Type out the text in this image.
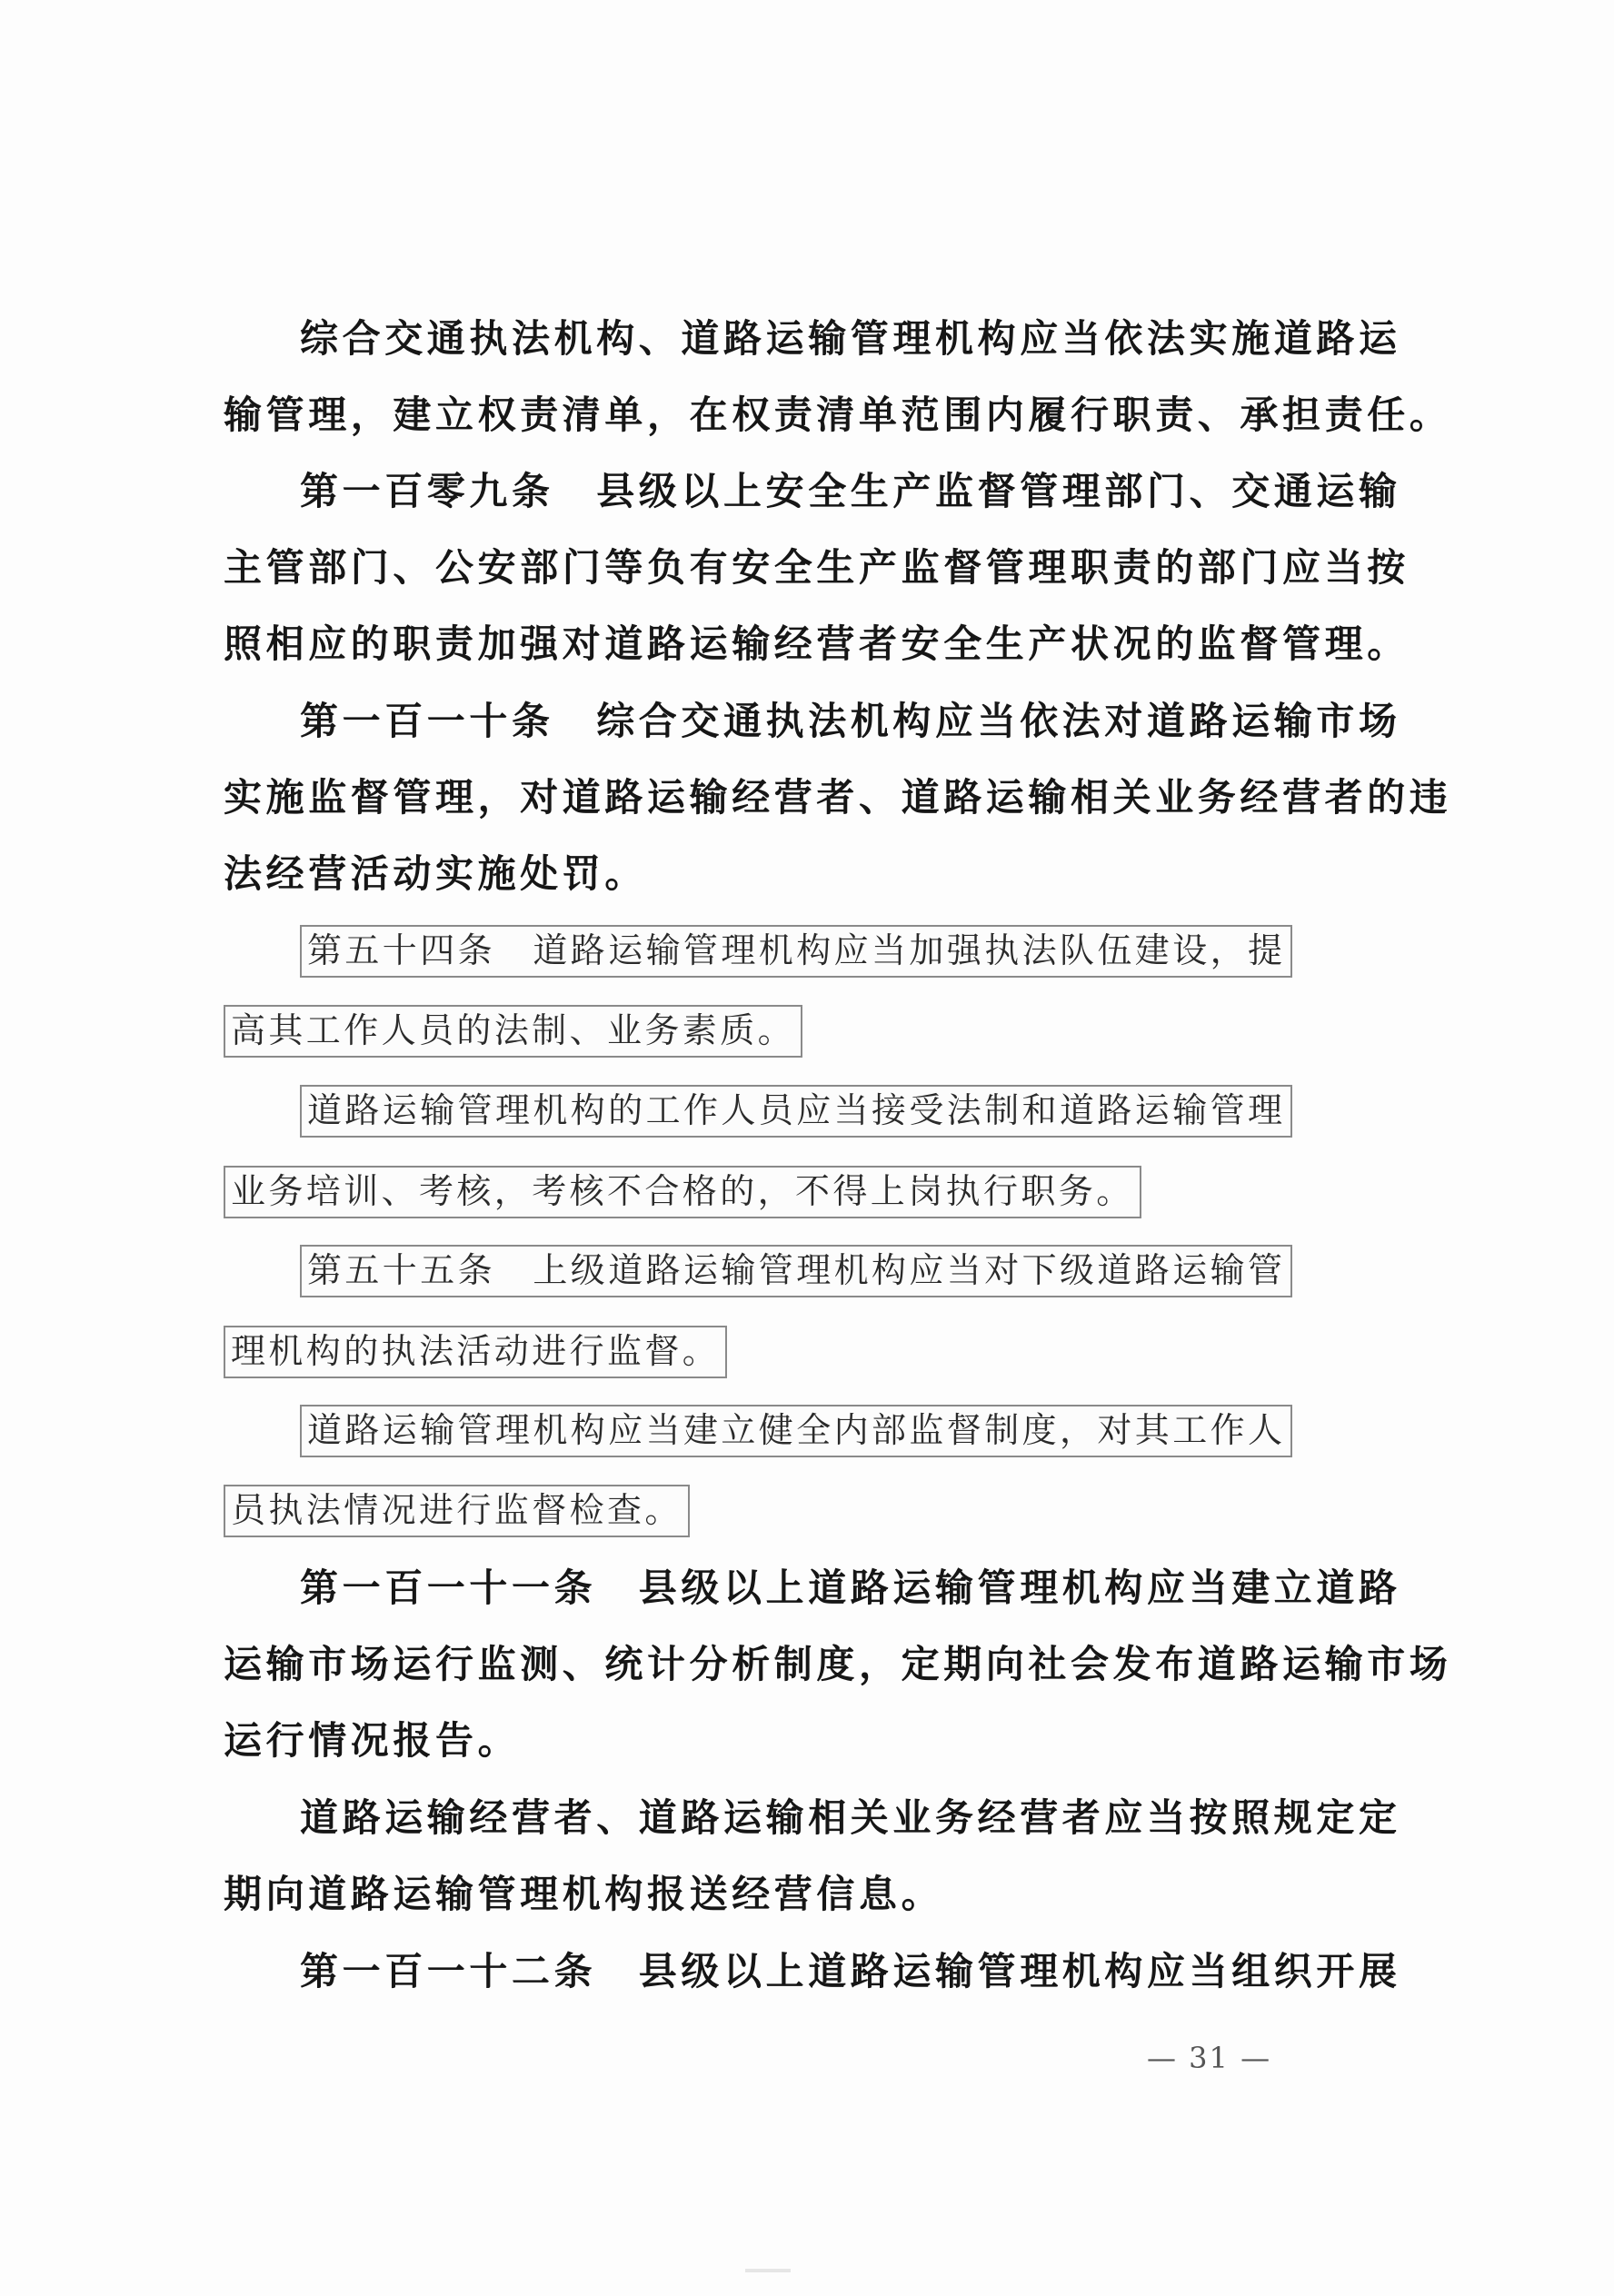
综合交通执法机构、道路运输管理机构应当依法实施道路运

输管理，建立权责清单，在权责清单范围内履行职责、承担责任。

第一百零九条　县级以上安全生产监督管理部门、交通运输

主管部门、公安部门等负有安全生产监督管理职责的部门应当按

照相应的职责加强对道路运输经营者安全生产状况的监督管理。

第一百一十条　综合交通执法机构应当依法对道路运输市场

实施监督管理，对道路运输经营者、道路运输相关业务经营者的违

法经营活动实施处罚。

第五十四条　道路运输管理机构应当加强执法队伍建设，提

高其工作人员的法制、业务素质。

道路运输管理机构的工作人员应当接受法制和道路运输管理

业务培训、考核，考核不合格的，不得上岗执行职务。

第五十五条　上级道路运输管理机构应当对下级道路运输管

理机构的执法活动进行监督。

道路运输管理机构应当建立健全内部监督制度，对其工作人

员执法情况进行监督检查。

第一百一十一条　县级以上道路运输管理机构应当建立道路

运输市场运行监测、统计分析制度，定期向社会发布道路运输市场

运行情况报告。

道路运输经营者、道路运输相关业务经营者应当按照规定定

期向道路运输管理机构报送经营信息。

第一百一十二条　县级以上道路运输管理机构应当组织开展

— 31 —
